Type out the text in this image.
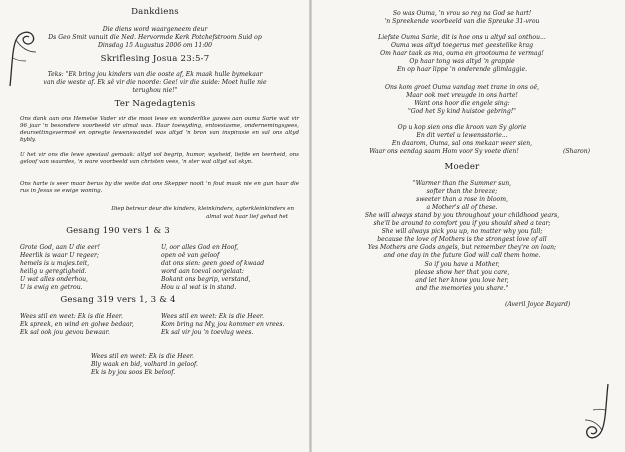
Dankdiens
Die diens word waargeneem deur
Ds Geo Smit vanuit die Ned. Hervormde Kerk Potchefstroom Suid op
Dinsdag 15 Augustus 2006 om 11:00
Skriflesing Josua 23:5-7
Teks: "Ek bring jou kinders van die ooste af, Ek maak hulle bymekaar
van die weste af. Ek sê vir die noorde: Gee! vir die suide: Moet hulle nie
terughou nie!"
Ter Nagedagtenis
Ons dank aan ons Hemelse Vader vir die mooi lewe en wonderlike gawes aan ouma Sarie wat vir 96 jaar 'n besondere voorbeeld vir almal was. Haar toewyding, entoesiasme, ondernemingsgees, deursettingsvermoë en opregte lewenswandel was altyd 'n bron van inspirasie en sal ons altyd bybly.
U het vir ons die lewe spesiaal gemaak: altyd vol begrip, humor, wysheid, liefde en teerheid, ons geloof van waardes, 'n ware voorbeeld van christen vees, 'n ster wat altyd sal skyn.
Ons harte is seer maar berus by die weite dat ons Skepper nooit 'n fout maak nie en gun haar die rus in Jesus se ewige woning.
Diep betreur deur die kinders, kleinkinders, agterkleinkinders en
almal wat haar lief gehad het
Gesang 190 vers 1 & 3
Grote God, aan U die eer!
Heerlik is waar U regeer;
hemels is u majes.teit,
heilig u geregtigheid.
U wat alles onderhou,
U is ewig en getrou.
U, oor alles God en Hoof,
open oë van geloof
dat ons sien: geen goed of kwaad
word aan toeval oorgelaat:
Bokant ons begrip, verstand,
Hou u al wat is in stand.
Gesang 319 vers 1, 3 & 4
Wees stil en weet: Ek is die Heer.
Ek spreek, en wind en golwe bedaar,
Ek sal ook jou gevou bewaar.
Wees stil en weet: Ek is die Heer.
Kom bring na My, jou kommer en vrees.
Ek sal vir jou 'n toevlug wees.
Wees stil en weet: Ek is die Heer.
Bly waak en bid, volhard in geloof.
Ek is by jou soos Ek beloof.
So was Ouma, 'n vrou so reg na God se hart!
'n Spreekende voorbeeld van die Spreuke 31-vrou
Liefste Ouma Sarie, dit is hoe ons u altyd sal onthou...
Ouma was altyd toegerus met geestelike krag
Om haar taak as ma, ouma en grootouma te vermag!
Op haar tong was altyd 'n grappie
En op haar lippe 'n onderende glimlaggie.
Ons kom groet Ouma vandag met trane in ons oë,
Maar ook met vreugde in ons harte!
Want ons hoor die engele sing:
"God het Sy kind huistoe gebring!"
Op u kop sien ons die kroon van Sy glorie
En dit vertel u lewensstorie...
En daarom, Ouma, sal ons mekaar weer sien,
Waar ons eendag saam Hom voor Sy voete dien!	(Sharon)
Moeder
"Warmer than the Summer sun,
softer than the breeze;
sweeter than a rose in bloom,
a Mother's all of these.
She will always stand by you throughout your childhood years,
she'll be around to comfort you if you should shed a tear;
She will always pick you up, no matter why you fall;
because the love of Mothers is the strongest love of all
Yes Mothers are Gods angels, but remember they're on loan;
and one day in the future God will call them home.
So if you have a Mother,
please show her that you care,
and let her know you love her,
and the memories you share."
(Averil Joyce Bayard)
